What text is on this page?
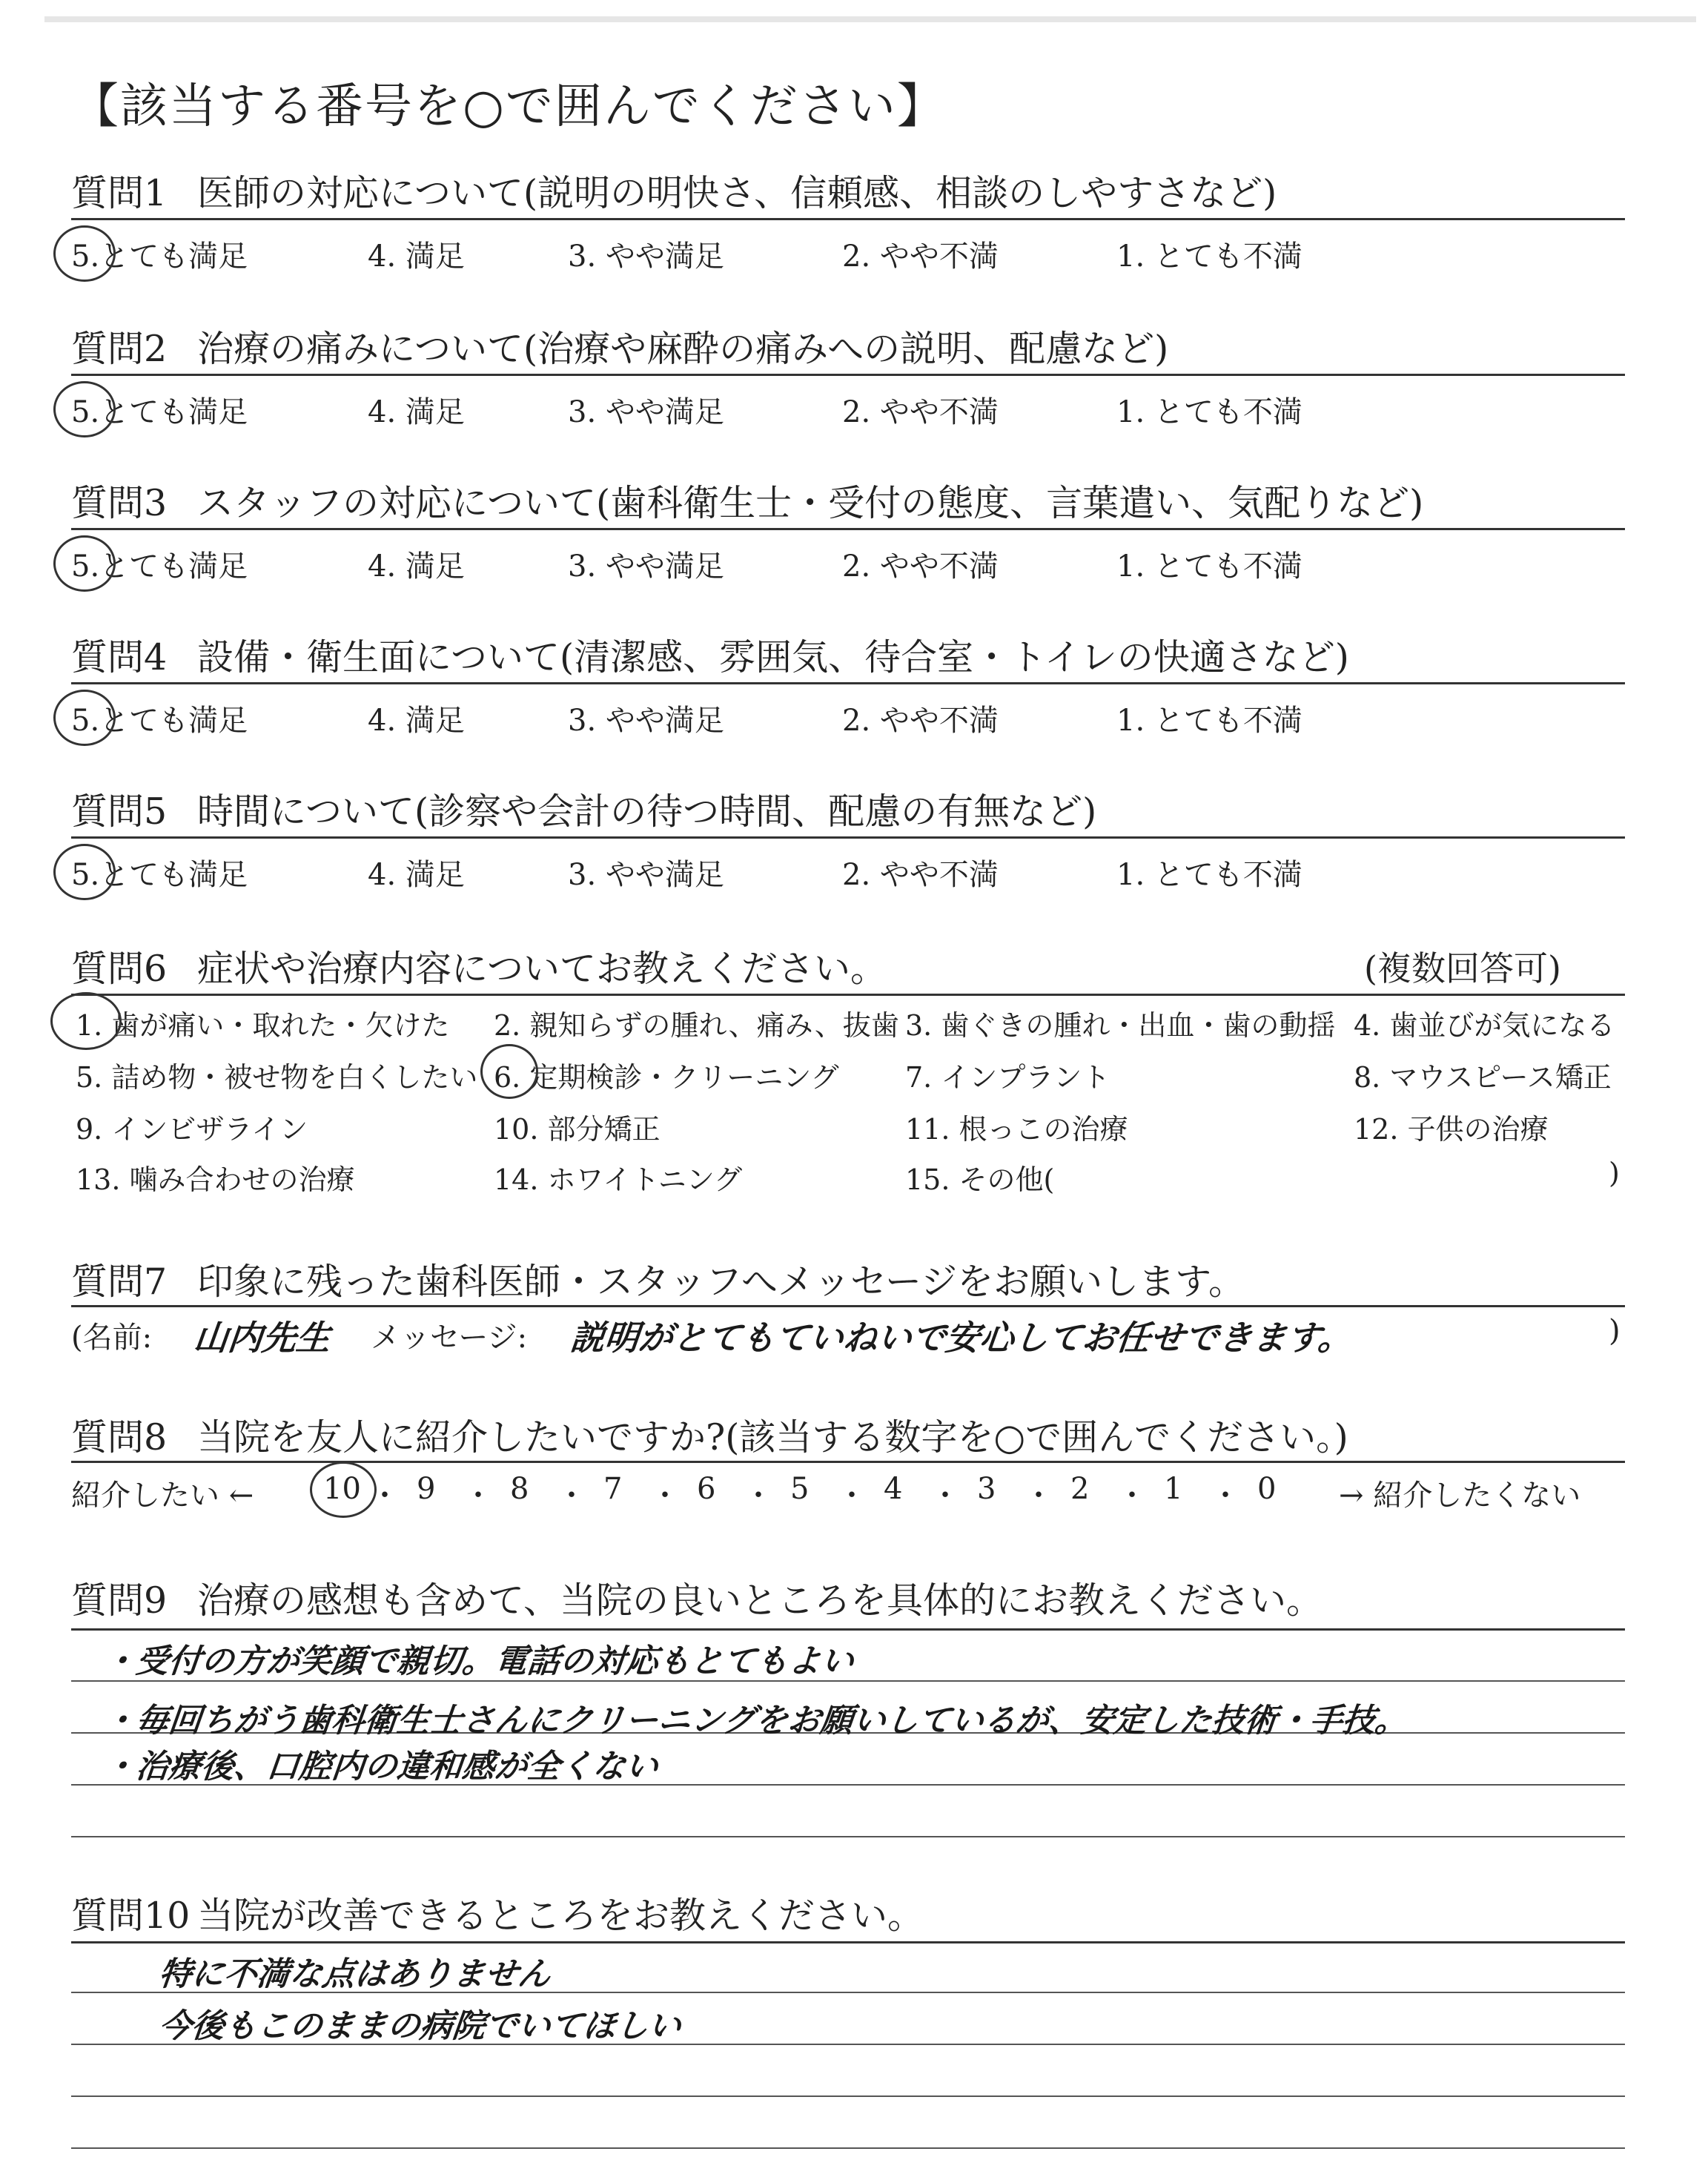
【該当する番号を○で囲んでください】
質問1 医師の対応について(説明の明快さ、信頼感、相談のしやすさなど)
5.とても満足	4. 満足	3. やや満足	2. やや不満	1. とても不満
質問2 治療の痛みについて(治療や麻酔の痛みへの説明、配慮など)
5.とても満足	4. 満足	3. やや満足	2. やや不満	1. とても不満
質問3 スタッフの対応について(歯科衛生士・受付の態度、言葉遣い、気配りなど)
5.とても満足	4. 満足	3. やや満足	2. やや不満	1. とても不満
質問4 設備・衛生面について(清潔感、雰囲気、待合室・トイレの快適さなど)
5.とても満足	4. 満足	3. やや満足	2. やや不満	1. とても不満
質問5 時間について(診察や会計の待つ時間、配慮の有無など)
5.とても満足	4. 満足	3. やや満足	2. やや不満	1. とても不満
質問6 症状や治療内容についてお教えください。	(複数回答可)
1. 歯が痛い・取れた・欠けた 2. 親知らずの腫れ、痛み、抜歯 3. 歯ぐきの腫れ・出血・歯の動揺 4. 歯並びが気になる
5. 詰め物・被せ物を白くしたい 6. 定期検診・クリーニング 7. インプラント	8. マウスピース矯正
9. インビザライン	10. 部分矯正	11. 根っこの治療	12. 子供の治療
13. 噛み合わせの治療	14. ホワイトニング	15. その他(	)
質問7 印象に残った歯科医師・スタッフへメッセージをお願いします。
(名前: 山内先生 メッセージ: 説明がとてもていねいで安心してお任せできます。	)
質問8 当院を友人に紹介したいですか?(該当する数字を○で囲んでください。)
紹介したい ←	→ 紹介したくない
10 ・ 9 ・ 8 ・ 7 ・ 6 ・ 5 ・ 4 ・ 3 ・ 2 ・ 1 ・ 0
質問9 治療の感想も含めて、当院の良いところを具体的にお教えください。
・受付の方が笑顔で親切。電話の対応もとてもよい
・毎回ちがう歯科衛生士さんにクリーニングをお願いしているが、安定した技術・手技。
・治療後、口腔内の違和感が全くない
質問10 当院が改善できるところをお教えください。
特に不満な点はありません
今後もこのままの病院でいてほしい
